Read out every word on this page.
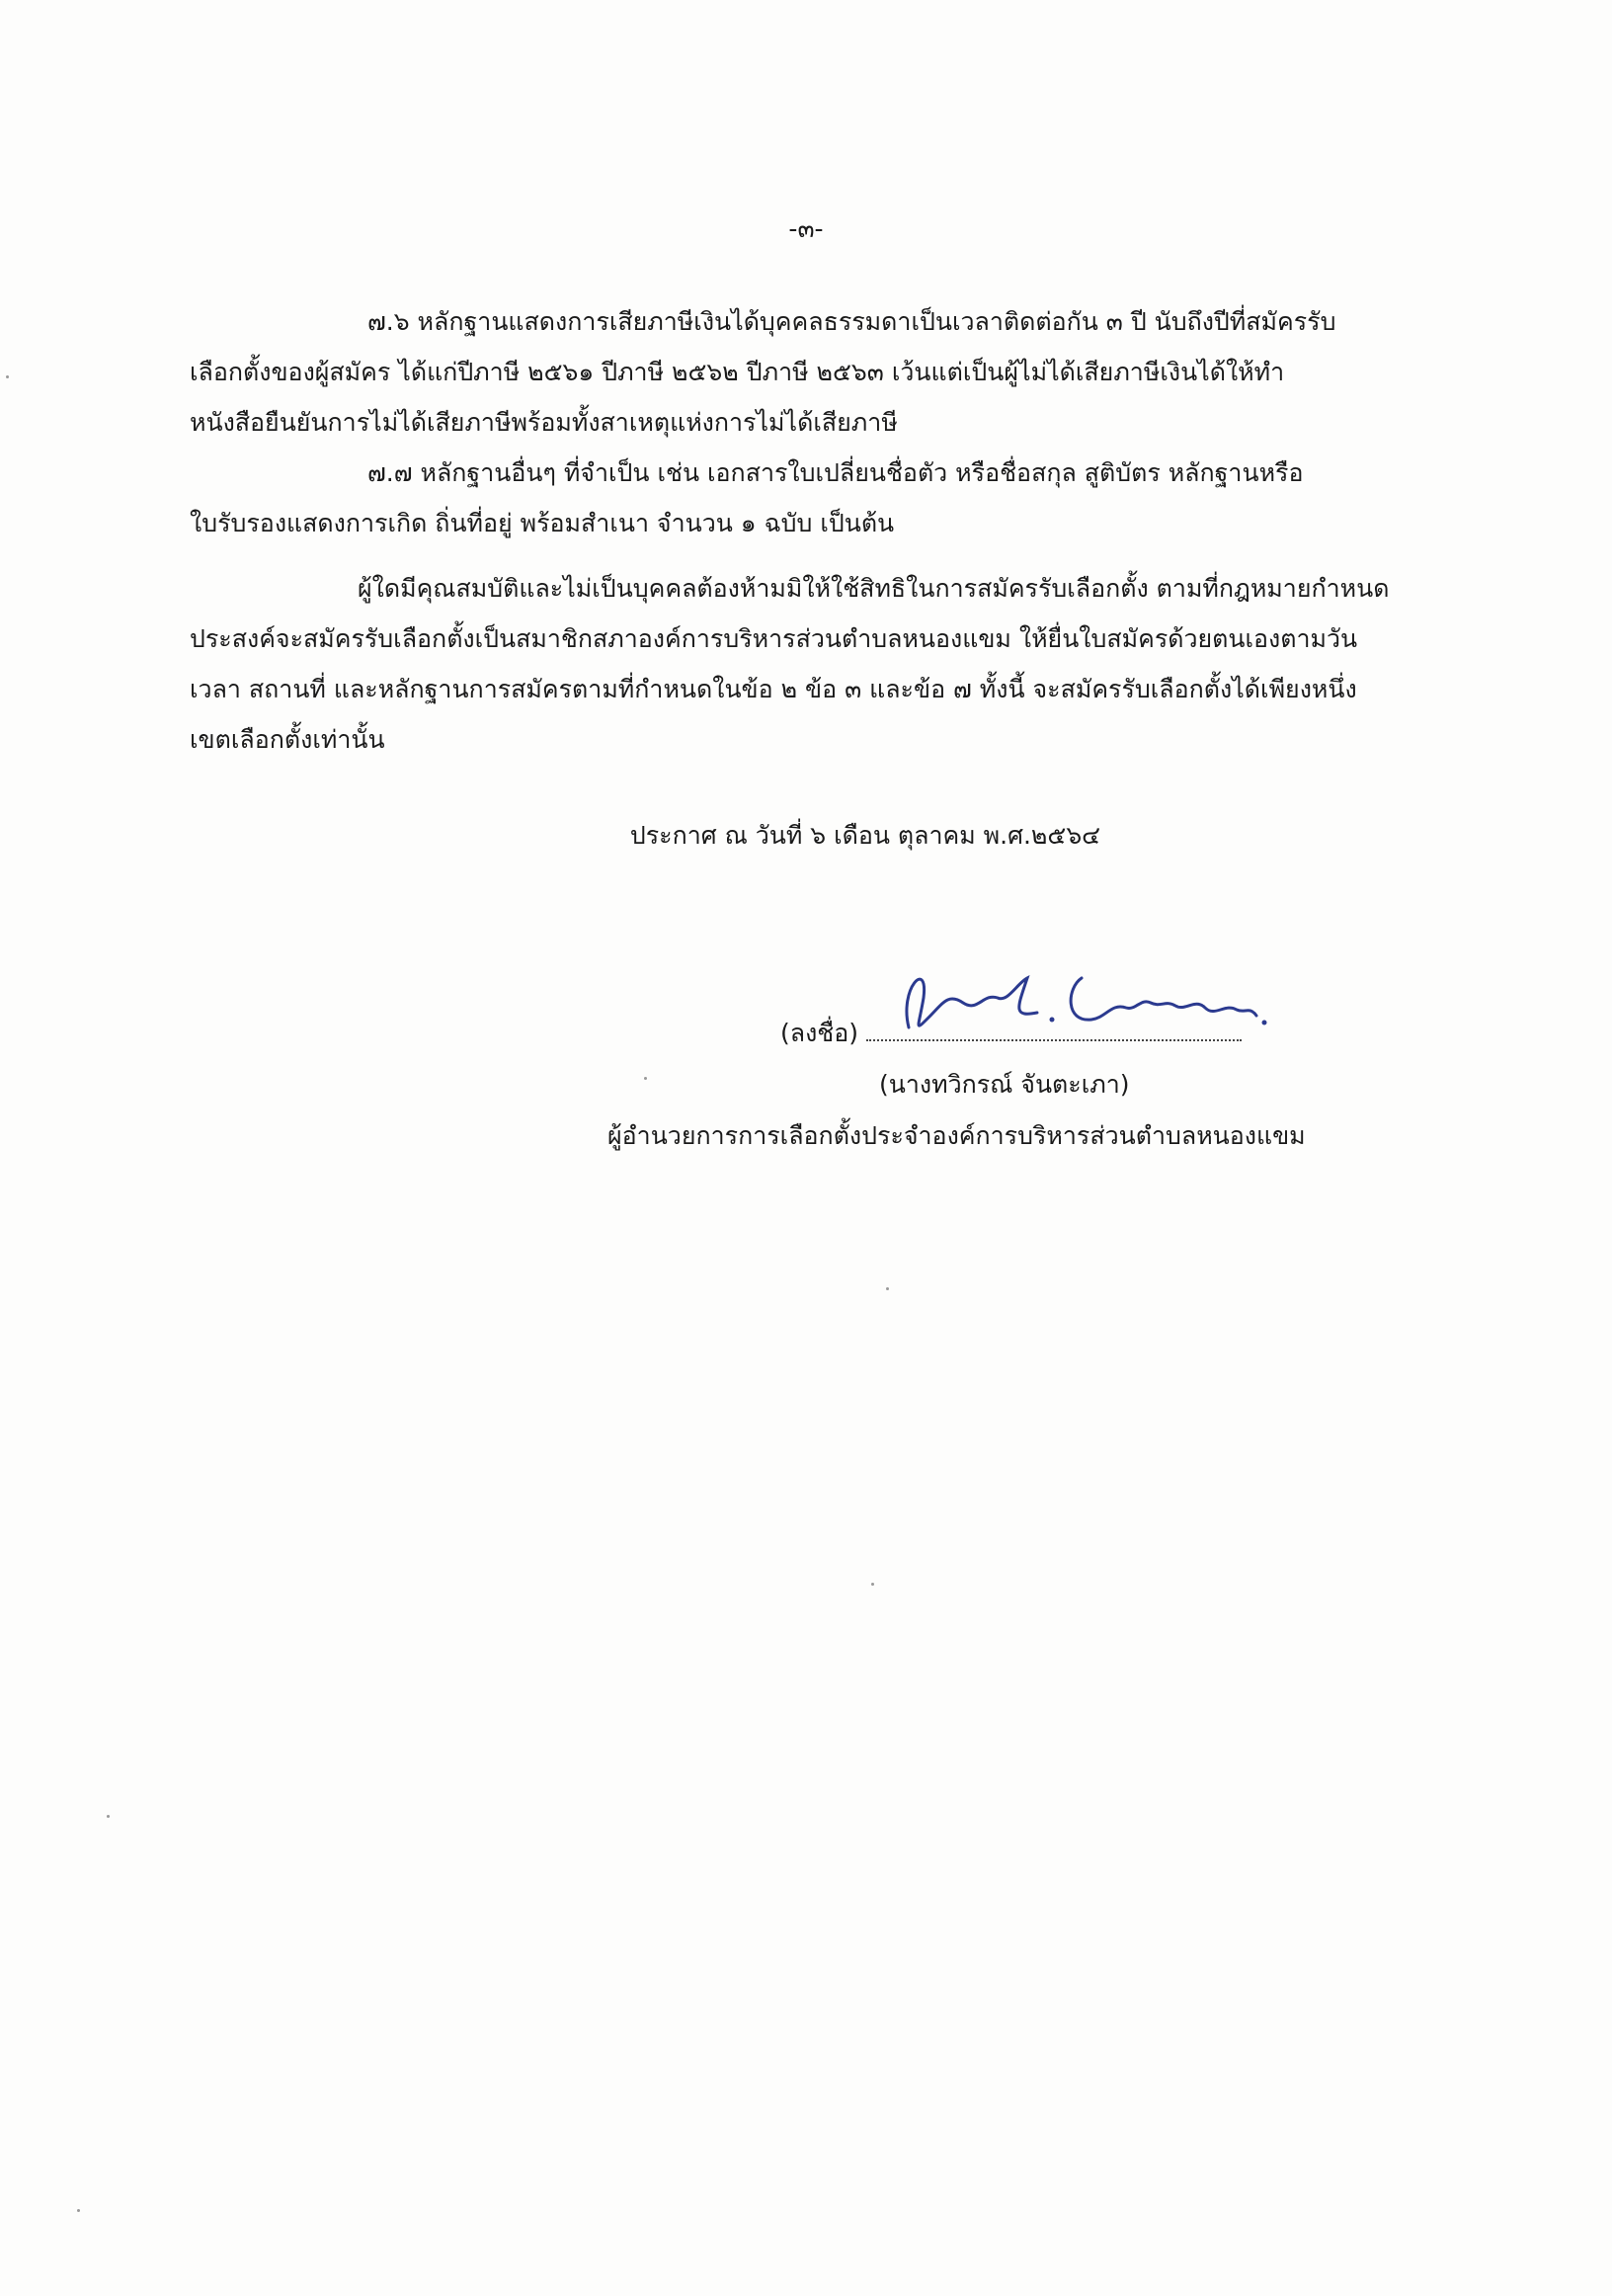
-๓-
๗.๖ หลักฐานแสดงการเสียภาษีเงินได้บุคคลธรรมดาเป็นเวลาติดต่อกัน ๓ ปี นับถึงปีที่สมัครรับ
เลือกตั้งของผู้สมัคร ได้แก่ปีภาษี ๒๕๖๑ ปีภาษี ๒๕๖๒ ปีภาษี ๒๕๖๓ เว้นแต่เป็นผู้ไม่ได้เสียภาษีเงินได้ให้ทำ
หนังสือยืนยันการไม่ได้เสียภาษีพร้อมทั้งสาเหตุแห่งการไม่ได้เสียภาษี
๗.๗ หลักฐานอื่นๆ ที่จำเป็น เช่น เอกสารใบเปลี่ยนชื่อตัว หรือชื่อสกุล สูติบัตร หลักฐานหรือ
ใบรับรองแสดงการเกิด ถิ่นที่อยู่ พร้อมสำเนา จำนวน ๑ ฉบับ เป็นต้น
ผู้ใดมีคุณสมบัติและไม่เป็นบุคคลต้องห้ามมิให้ใช้สิทธิในการสมัครรับเลือกตั้ง ตามที่กฎหมายกำหนด
ประสงค์จะสมัครรับเลือกตั้งเป็นสมาชิกสภาองค์การบริหารส่วนตำบลหนองแขม ให้ยื่นใบสมัครด้วยตนเองตามวัน
เวลา สถานที่ และหลักฐานการสมัครตามที่กำหนดในข้อ ๒ ข้อ ๓ และข้อ ๗ ทั้งนี้ จะสมัครรับเลือกตั้งได้เพียงหนึ่ง
เขตเลือกตั้งเท่านั้น
ประกาศ ณ วันที่ ๖ เดือน ตุลาคม พ.ศ.๒๕๖๔
(ลงชื่อ)
(นางทวิกรณ์ จันตะเภา)
ผู้อำนวยการการเลือกตั้งประจำองค์การบริหารส่วนตำบลหนองแขม
